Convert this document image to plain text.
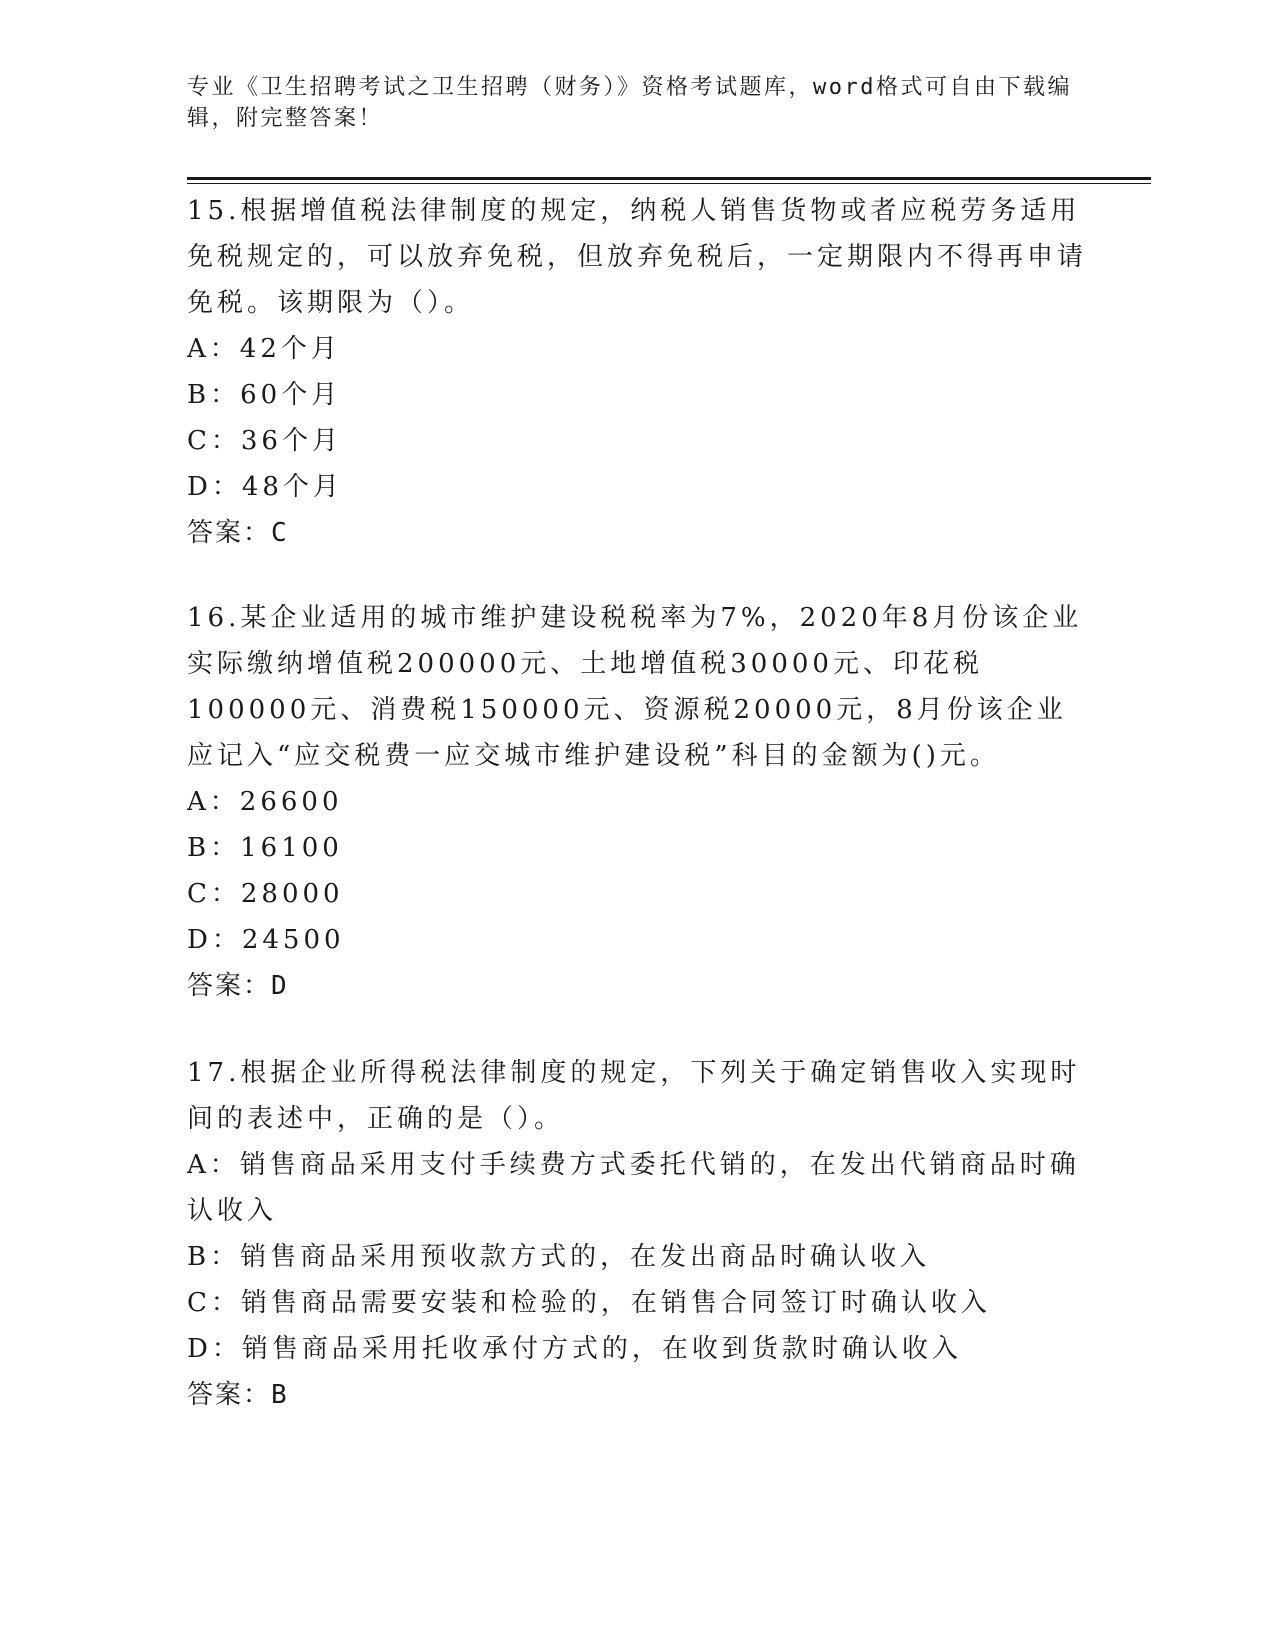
专业《卫生招聘考试之卫生招聘（财务）》资格考试题库，word格式可自由下载编辑，附完整答案！

15.根据增值税法律制度的规定，纳税人销售货物或者应税劳务适用免税规定的，可以放弃免税，但放弃免税后，一定期限内不得再申请免税。该期限为（）。

A：42个月

B：60个月

C：36个月

D：48个月

答案：C

16.某企业适用的城市维护建设税税率为7%，2020年8月份该企业实际缴纳增值税200000元、土地增值税30000元、印花税100000元、消费税150000元、资源税20000元，8月份该企业应记入“应交税费一应交城市维护建设税”科目的金额为()元。

A：26600

B：16100

C：28000

D：24500

答案：D

17.根据企业所得税法律制度的规定，下列关于确定销售收入实现时间的表述中，正确的是（）。

A：销售商品采用支付手续费方式委托代销的，在发出代销商品时确认收入

B：销售商品采用预收款方式的，在发出商品时确认收入

C：销售商品需要安装和检验的，在销售合同签订时确认收入

D：销售商品采用托收承付方式的，在收到货款时确认收入

答案：B
